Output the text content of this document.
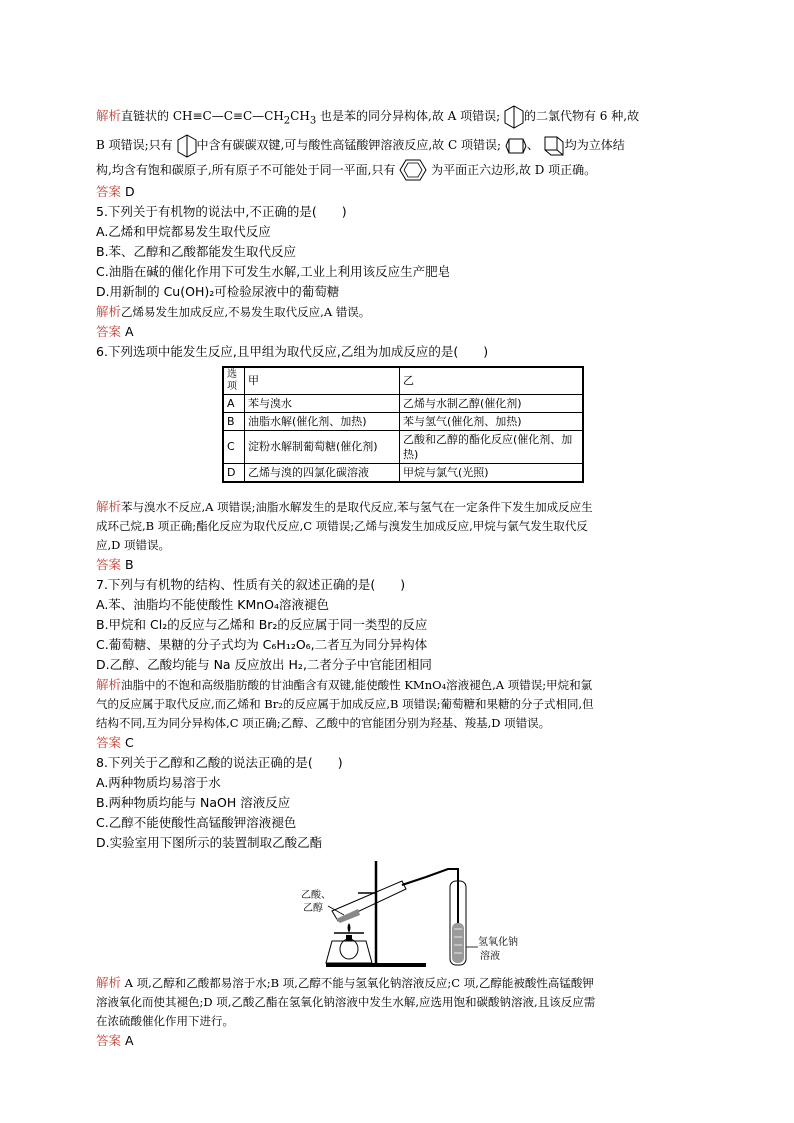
解析直链状的 $CH\equiv C—C\equiv C—CH_2CH_3$ 也是苯的同分异构体,故 A 项错误; 的二氯代物有 6 种,故

B 项错误;只有 中含有碳碳双键,可与酸性高锰酸钾溶液反应,故 C 项错误; 、 均为立体结

构,均含有饱和碳原子,所有原子不可能处于同一平面,只有	为平面正六边形,故 D 项正确。

答案 D

5.下列关于有机物的说法中,不正确的是(　　)

A.乙烯和甲烷都易发生取代反应

B.苯、乙醇和乙酸都能发生取代反应

C.油脂在碱的催化作用下可发生水解,工业上利用该反应生产肥皂

D.用新制的 Cu(OH)₂可检验尿液中的葡萄糖

解析乙烯易发生加成反应,不易发生取代反应,A 错误。

答案 A

6.下列选项中能发生反应,且甲组为取代反应,乙组为加成反应的是(　　)

选项	甲	乙
A	苯与溴水	乙烯与水制乙醇(催化剂)
B	油脂水解(催化剂、加热)	苯与氢气(催化剂、加热)
C	淀粉水解制葡萄糖(催化剂)	乙酸和乙醇的酯化反应(催化剂、加热)
D	乙烯与溴的四氯化碳溶液	甲烷与氯气(光照)

解析苯与溴水不反应,A 项错误;油脂水解发生的是取代反应,苯与氢气在一定条件下发生加成反应生

成环己烷,B 项正确;酯化反应为取代反应,C 项错误;乙烯与溴发生加成反应,甲烷与氯气发生取代反

应,D 项错误。

答案 B

7.下列与有机物的结构、性质有关的叙述正确的是(　　)

A.苯、油脂均不能使酸性 KMnO₄溶液褪色

B.甲烷和 Cl₂的反应与乙烯和 Br₂的反应属于同一类型的反应

C.葡萄糖、果糖的分子式均为 C₆H₁₂O₆,二者互为同分异构体

D.乙醇、乙酸均能与 Na 反应放出 H₂,二者分子中官能团相同

解析油脂中的不饱和高级脂肪酸的甘油酯含有双键,能使酸性 KMnO₄溶液褪色,A 项错误;甲烷和氯

气的反应属于取代反应,而乙烯和 Br₂的反应属于加成反应,B 项错误;葡萄糖和果糖的分子式相同,但

结构不同,互为同分异构体,C 项正确;乙醇、乙酸中的官能团分别为羟基、羧基,D 项错误。

答案 C

8.下列关于乙醇和乙酸的说法正确的是(　　)

A.两种物质均易溶于水

B.两种物质均能与 NaOH 溶液反应

C.乙醇不能使酸性高锰酸钾溶液褪色

D.实验室用下图所示的装置制取乙酸乙酯

乙酸、
乙醇
氢氧化钠
溶液

解析 A 项,乙醇和乙酸都易溶于水;B 项,乙醇不能与氢氧化钠溶液反应;C 项,乙醇能被酸性高锰酸钾

溶液氧化而使其褪色;D 项,乙酸乙酯在氢氧化钠溶液中发生水解,应选用饱和碳酸钠溶液,且该反应需

在浓硫酸催化作用下进行。

答案 A
